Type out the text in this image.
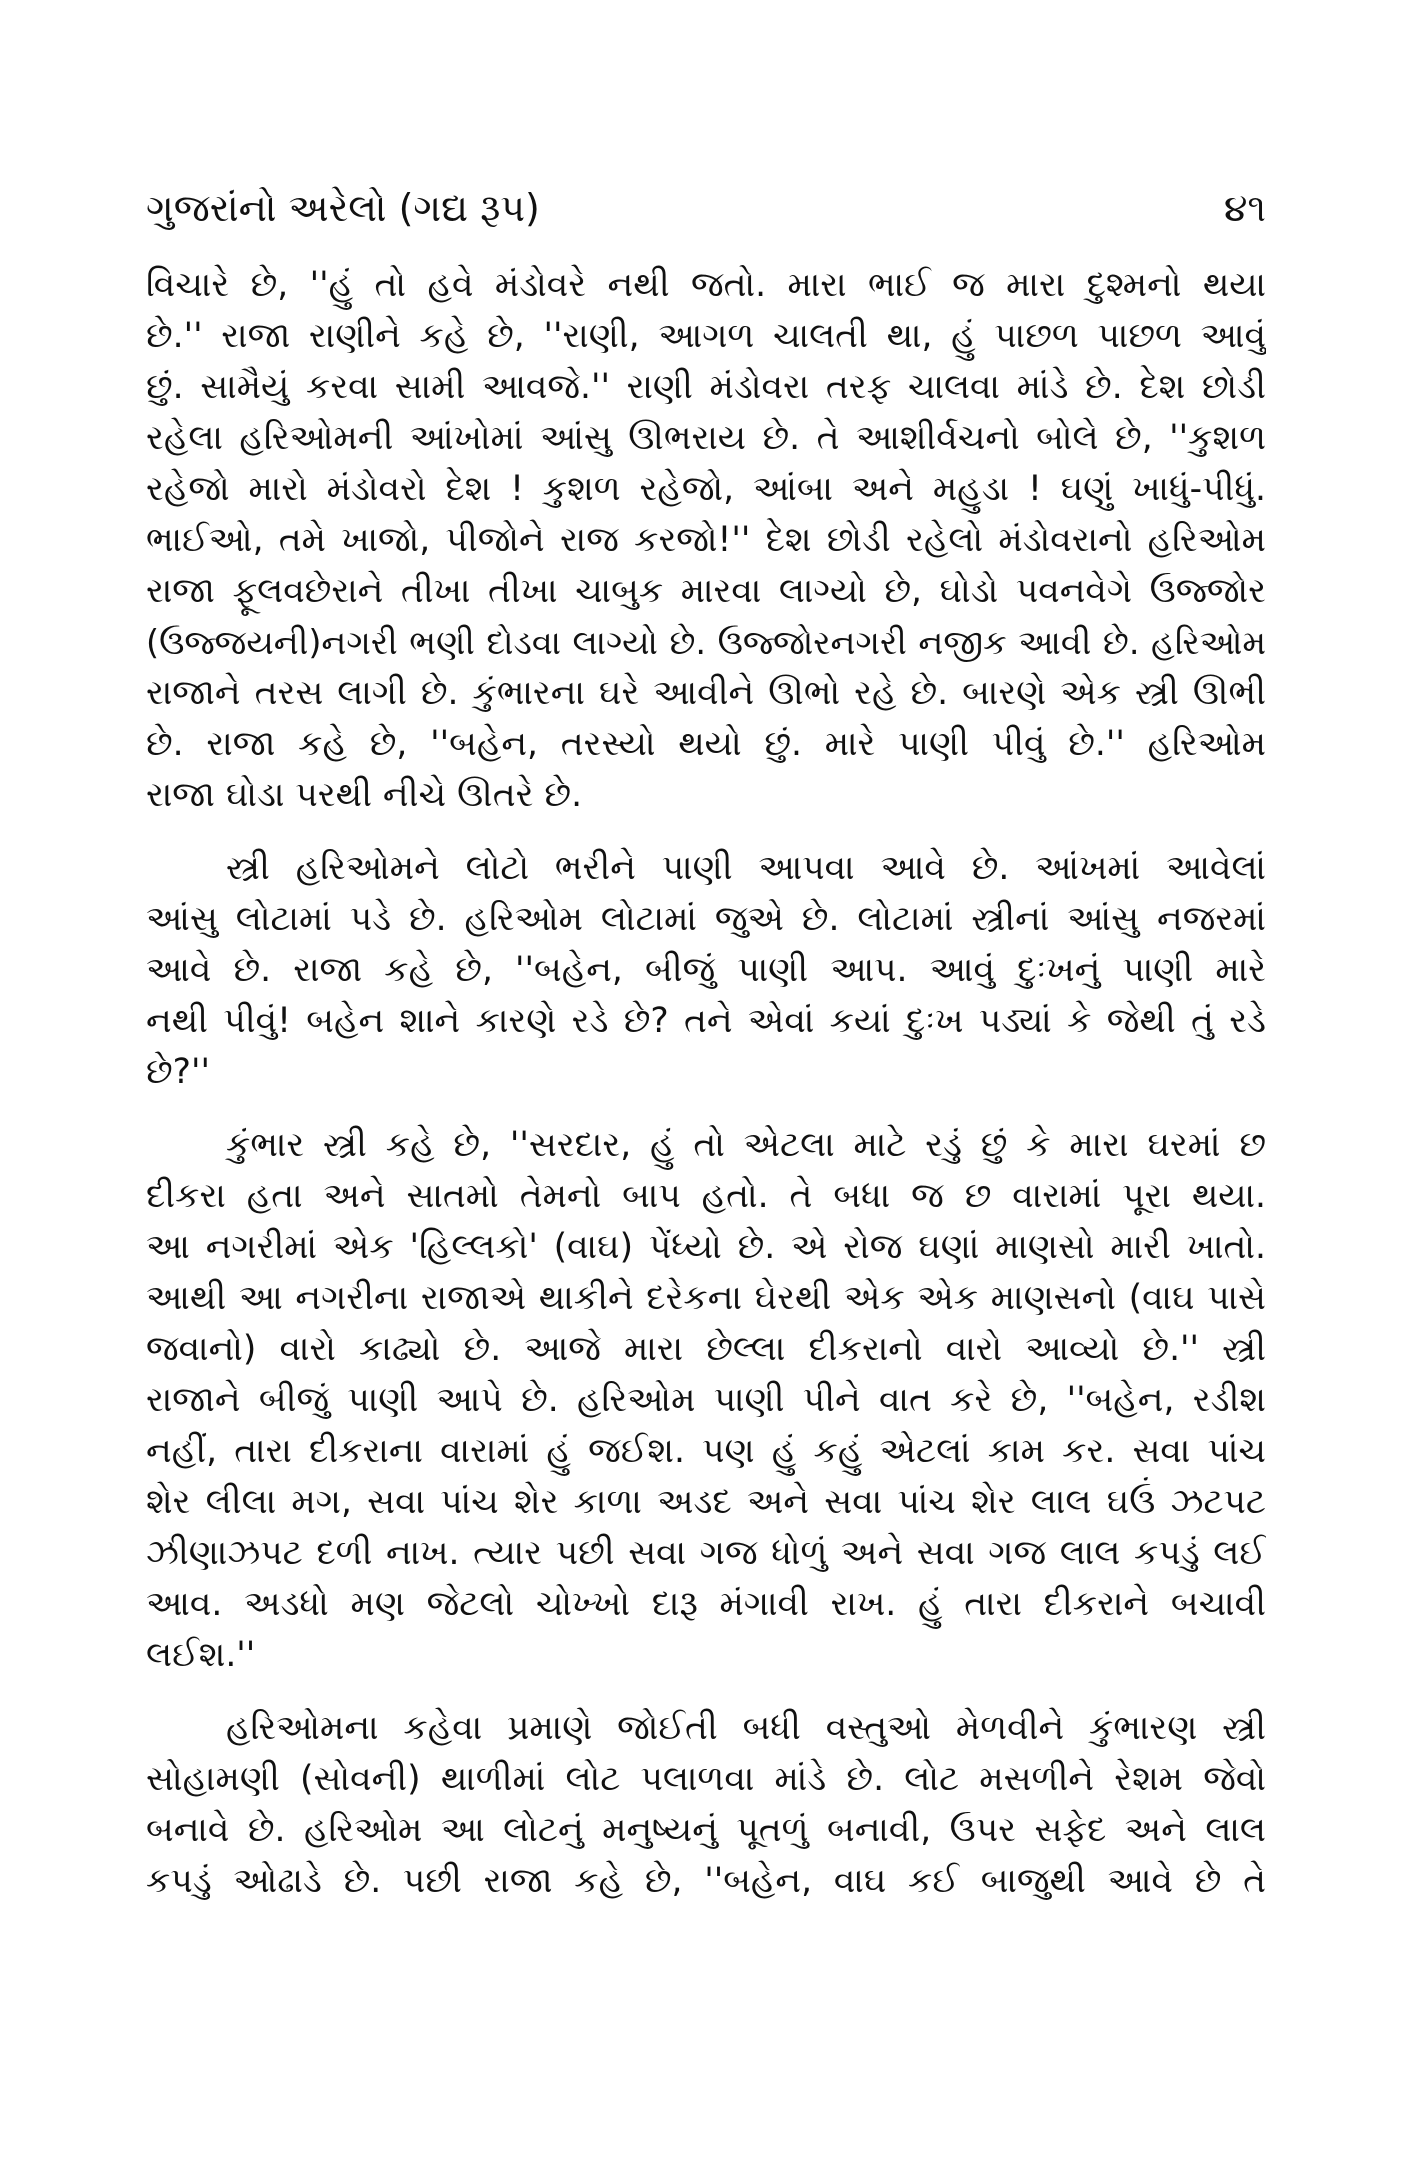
ગુજરાંનો અરેલો (ગદ્ય રૂપ)	૪૧
વિચારે છે, ''હું તો હવે મંડોવરે નથી જતો. મારા ભાઈ જ મારા દુશ્મનો થયા
છે.'' રાજા રાણીને કહે છે, ''રાણી, આગળ ચાલતી થા, હું પાછળ પાછળ આવું
છું. સામૈયું કરવા સામી આવજે.'' રાણી મંડોવરા તરફ ચાલવા માંડે છે. દેશ છોડી
રહેલા હરિઓમની આંખોમાં આંસુ ઊભરાય છે. તે આશીર્વચનો બોલે છે, ''કુશળ
રહેજો મારો મંડોવરો દેશ ! કુશળ રહેજો, આંબા અને મહુડા ! ઘણું ખાધું-પીધું.
ભાઈઓ, તમે ખાજો, પીજોને રાજ કરજો!'' દેશ છોડી રહેલો મંડોવરાનો હરિઓમ
રાજા ફૂલવછેરાને તીખા તીખા ચાબુક મારવા લાગ્યો છે, ઘોડો પવનવેગે ઉજ્જોર
(ઉજ્જયની)નગરી ભણી દોડવા લાગ્યો છે. ઉજ્જોરનગરી નજીક આવી છે. હરિઓમ
રાજાને તરસ લાગી છે. કુંભારના ઘરે આવીને ઊભો રહે છે. બારણે એક સ્ત્રી ઊભી
છે. રાજા કહે છે, ''બહેન, તરસ્યો થયો છું. મારે પાણી પીવું છે.'' હરિઓમ
રાજા ઘોડા પરથી નીચે ઊતરે છે.
સ્ત્રી હરિઓમને લોટો ભરીને પાણી આપવા આવે છે. આંખમાં આવેલાં
આંસુ લોટામાં પડે છે. હરિઓમ લોટામાં જુએ છે. લોટામાં સ્ત્રીનાં આંસુ નજરમાં
આવે છે. રાજા કહે છે, ''બહેન, બીજું પાણી આપ. આવું દુઃખનું પાણી મારે
નથી પીવું! બહેન શાને કારણે રડે છે? તને એવાં કયાં દુઃખ પડ્યાં કે જેથી તું રડે
છે?''
કુંભાર સ્ત્રી કહે છે, ''સરદાર, હું તો એટલા માટે રડું છું કે મારા ઘરમાં છ
દીકરા હતા અને સાતમો તેમનો બાપ હતો. તે બધા જ છ વારામાં પૂરા થયા.
આ નગરીમાં એક 'હિલ્લકો' (વાઘ) પેંધ્યો છે. એ રોજ ઘણાં માણસો મારી ખાતો.
આથી આ નગરીના રાજાએ થાકીને દરેકના ઘેરથી એક એક માણસનો (વાઘ પાસે
જવાનો) વારો કાઢ્યો છે. આજે મારા છેલ્લા દીકરાનો વારો આવ્યો છે.'' સ્ત્રી
રાજાને બીજું પાણી આપે છે. હરિઓમ પાણી પીને વાત કરે છે, ''બહેન, રડીશ
નહીં, તારા દીકરાના વારામાં હું જઈશ. પણ હું કહું એટલાં કામ કર. સવા પાંચ
શેર લીલા મગ, સવા પાંચ શેર કાળા અડદ અને સવા પાંચ શેર લાલ ઘઉં ઝટપટ
ઝીણાઝપટ દળી નાખ. ત્યાર પછી સવા ગજ ધોળું અને સવા ગજ લાલ કપડું લઈ
આવ. અડધો મણ જેટલો ચોખ્ખો દારૂ મંગાવી રાખ. હું તારા દીકરાને બચાવી
લઈશ.''
હરિઓમના કહેવા પ્રમાણે જોઈતી બધી વસ્તુઓ મેળવીને કુંભારણ સ્ત્રી
સોહામણી (સોવની) થાળીમાં લોટ પલાળવા માંડે છે. લોટ મસળીને રેશમ જેવો
બનાવે છે. હરિઓમ આ લોટનું મનુષ્યનું પૂતળું બનાવી, ઉપર સફેદ અને લાલ
કપડું ઓઢાડે છે. પછી રાજા કહે છે, ''બહેન, વાઘ કઈ બાજુથી આવે છે તે
